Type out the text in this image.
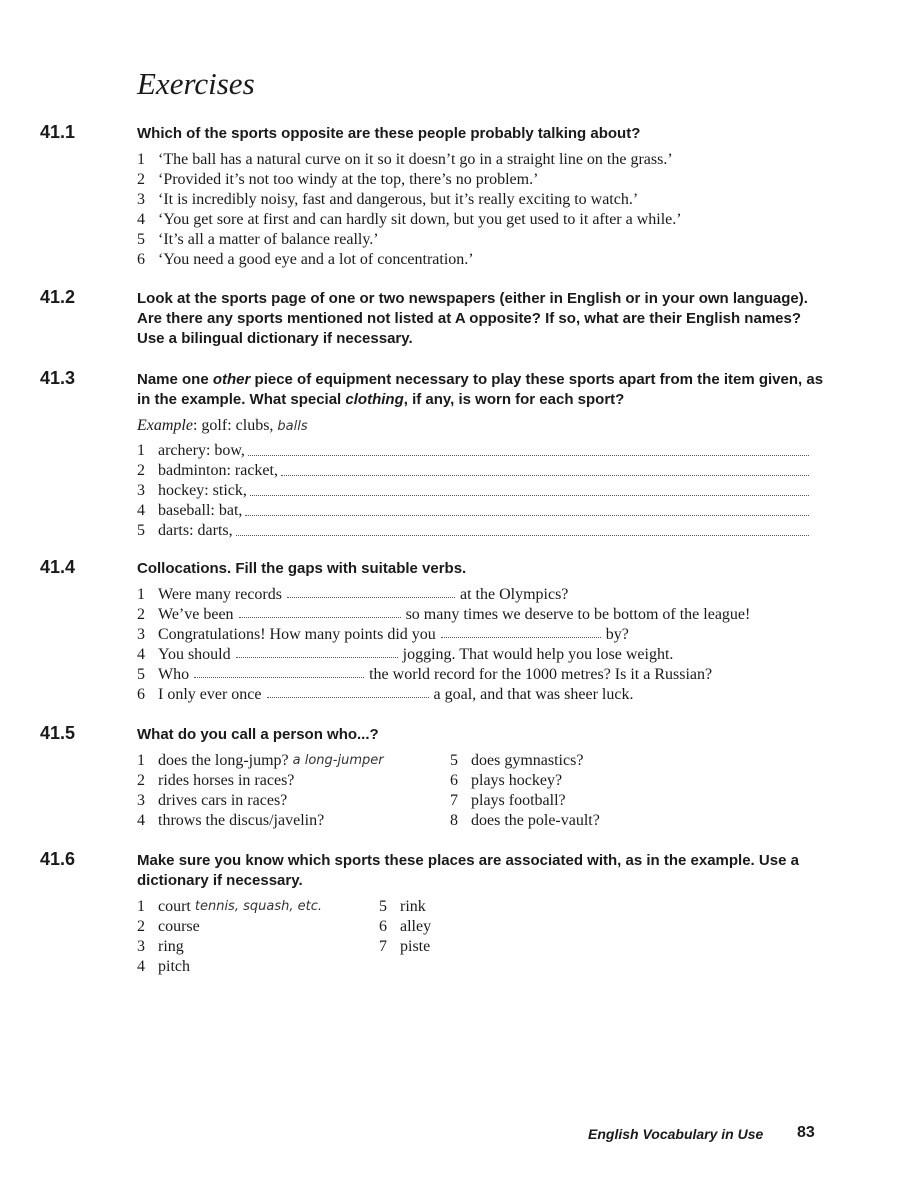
Exercises
41.1	Which of the sports opposite are these people probably talking about?
1 ‘The ball has a natural curve on it so it doesn’t go in a straight line on the grass.’
2 ‘Provided it’s not too windy at the top, there’s no problem.’
3 ‘It is incredibly noisy, fast and dangerous, but it’s really exciting to watch.’
4 ‘You get sore at first and can hardly sit down, but you get used to it after a while.’
5 ‘It’s all a matter of balance really.’
6 ‘You need a good eye and a lot of concentration.’
41.2	Look at the sports page of one or two newspapers (either in English or in your own language). Are there any sports mentioned not listed at A opposite? If so, what are their English names? Use a bilingual dictionary if necessary.
41.3	Name one other piece of equipment necessary to play these sports apart from the item given, as in the example. What special clothing, if any, is worn for each sport?
Example: golf: clubs, balls
1 archery: bow,
2 badminton: racket,
3 hockey: stick,
4 baseball: bat,
5 darts: darts,
41.4	Collocations. Fill the gaps with suitable verbs.
1 Were many records	at the Olympics?
2 We’ve been	so many times we deserve to be bottom of the league!
3 Congratulations! How many points did you	by?
4 You should	jogging. That would help you lose weight.
5 Who	the world record for the 1000 metres? Is it a Russian?
6 I only ever once	a goal, and that was sheer luck.
41.5	What do you call a person who...?
1 does the long-jump?
a long-jumper
2 rides horses in races?
3 drives cars in races?
4 throws the discus/javelin?
5 does gymnastics?
6 plays hockey?
7 plays football?
8 does the pole-vault?
41.6	Make sure you know which sports these places are associated with, as in the example. Use a dictionary if necessary.
1 court
tennis, squash, etc.
2 course
3 ring
4 pitch
5 rink
6 alley
7 piste
English Vocabulary in Use 83
